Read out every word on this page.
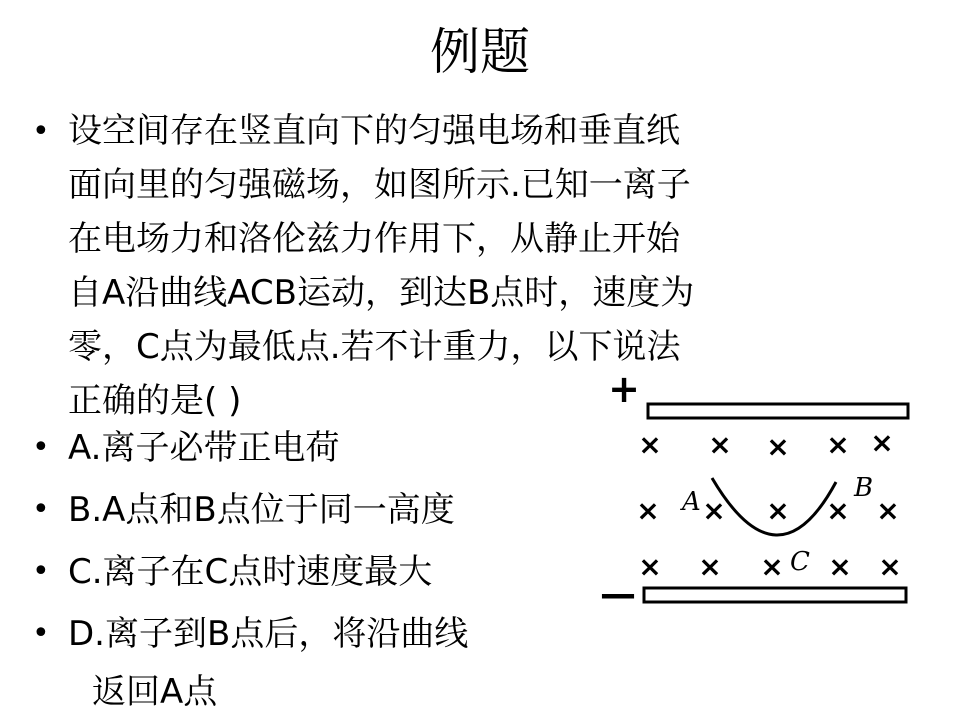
例题
• 设空间存在竖直向下的匀强电场和垂直纸
面向里的匀强磁场，如图所示.已知一离子
在电场力和洛伦兹力作用下，从静止开始
自A沿曲线ACB运动，到达B点时，速度为
零，C点为最低点.若不计重力，以下说法
正确的是( )
• A.离子必带正电荷
• B.A点和B点位于同一高度
• C.离子在C点时速度最大
• D.离子到B点后，将沿曲线
返回A点
+
—
× × × × ×
× × × × ×
× × × × ×
A	B
C
